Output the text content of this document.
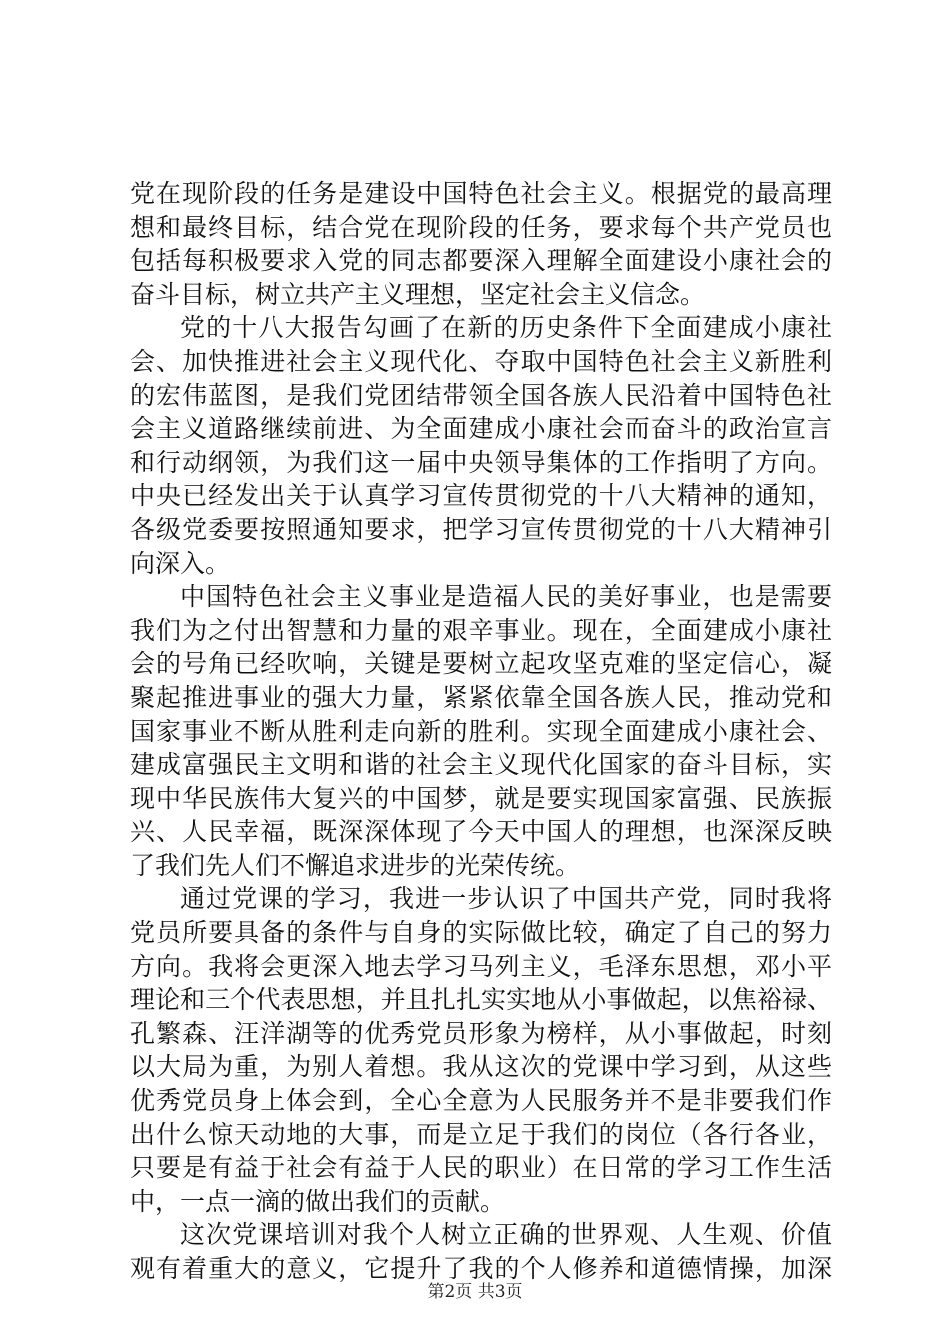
党在现阶段的任务是建设中国特色社会主义。根据党的最高理
想和最终目标，结合党在现阶段的任务，要求每个共产党员也
包括每积极要求入党的同志都要深入理解全面建设小康社会的
奋斗目标，树立共产主义理想，坚定社会主义信念。
党的十八大报告勾画了在新的历史条件下全面建成小康社
会、加快推进社会主义现代化、夺取中国特色社会主义新胜利
的宏伟蓝图，是我们党团结带领全国各族人民沿着中国特色社
会主义道路继续前进、为全面建成小康社会而奋斗的政治宣言
和行动纲领，为我们这一届中央领导集体的工作指明了方向。
中央已经发出关于认真学习宣传贯彻党的十八大精神的通知，
各级党委要按照通知要求，把学习宣传贯彻党的十八大精神引
向深入。
中国特色社会主义事业是造福人民的美好事业，也是需要
我们为之付出智慧和力量的艰辛事业。现在，全面建成小康社
会的号角已经吹响，关键是要树立起攻坚克难的坚定信心，凝
聚起推进事业的强大力量，紧紧依靠全国各族人民，推动党和
国家事业不断从胜利走向新的胜利。实现全面建成小康社会、
建成富强民主文明和谐的社会主义现代化国家的奋斗目标，实
现中华民族伟大复兴的中国梦，就是要实现国家富强、民族振
兴、人民幸福，既深深体现了今天中国人的理想，也深深反映
了我们先人们不懈追求进步的光荣传统。
通过党课的学习，我进一步认识了中国共产党，同时我将
党员所要具备的条件与自身的实际做比较，确定了自己的努力
方向。我将会更深入地去学习马列主义，毛泽东思想，邓小平
理论和三个代表思想，并且扎扎实实地从小事做起，以焦裕禄、
孔繁森、汪洋湖等的优秀党员形象为榜样，从小事做起，时刻
以大局为重，为别人着想。我从这次的党课中学习到，从这些
优秀党员身上体会到，全心全意为人民服务并不是非要我们作
出什么惊天动地的大事，而是立足于我们的岗位（各行各业，
只要是有益于社会有益于人民的职业）在日常的学习工作生活
中，一点一滴的做出我们的贡献。
这次党课培训对我个人树立正确的世界观、人生观、价值
观有着重大的意义，它提升了我的个人修养和道德情操，加深
第2页 共3页
